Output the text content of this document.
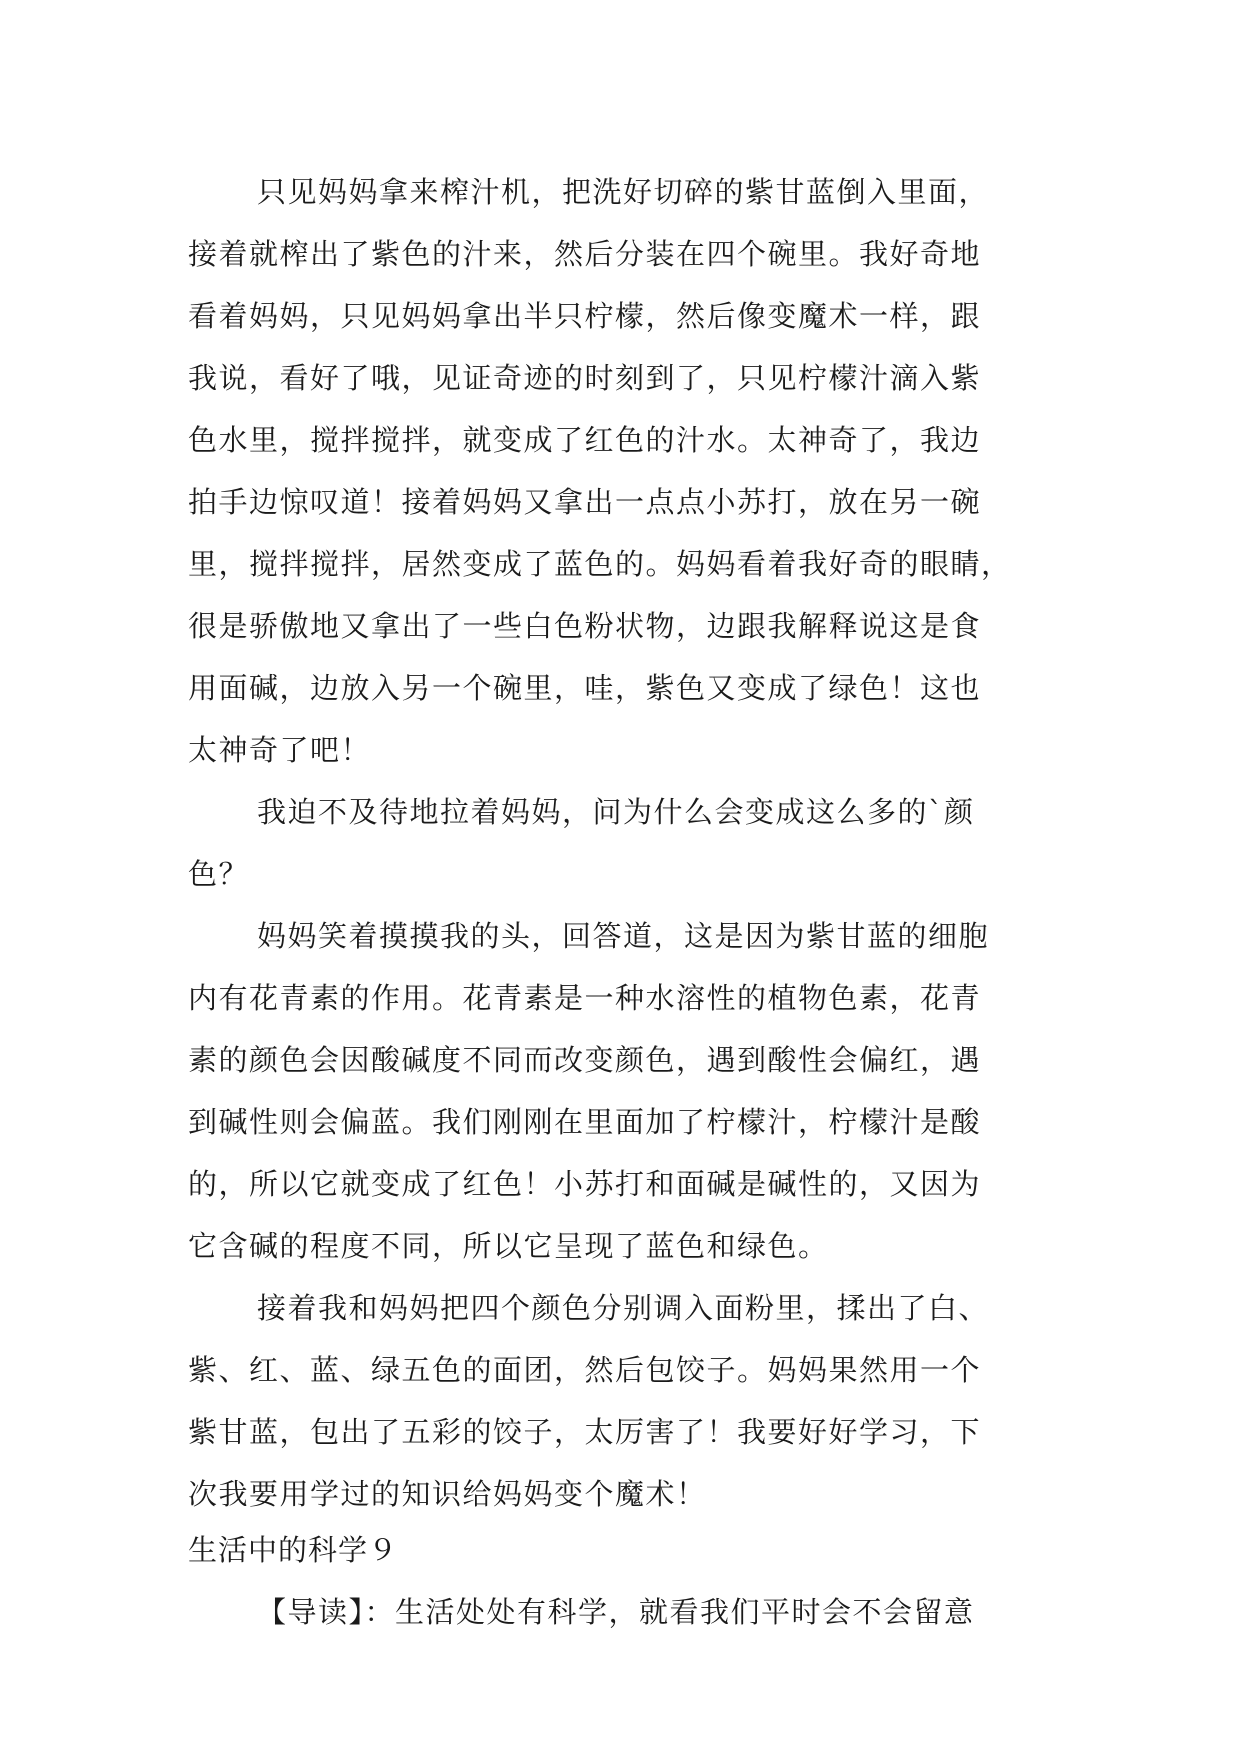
只见妈妈拿来榨汁机，把洗好切碎的紫甘蓝倒入里面，
接着就榨出了紫色的汁来，然后分装在四个碗里。我好奇地
看着妈妈，只见妈妈拿出半只柠檬，然后像变魔术一样，跟
我说，看好了哦，见证奇迹的时刻到了，只见柠檬汁滴入紫
色水里，搅拌搅拌，就变成了红色的汁水。太神奇了，我边
拍手边惊叹道！接着妈妈又拿出一点点小苏打，放在另一碗
里，搅拌搅拌，居然变成了蓝色的。妈妈看着我好奇的眼睛，
很是骄傲地又拿出了一些白色粉状物，边跟我解释说这是食
用面碱，边放入另一个碗里，哇，紫色又变成了绿色！这也
太神奇了吧！
我迫不及待地拉着妈妈，问为什么会变成这么多的`颜
色？
妈妈笑着摸摸我的头，回答道，这是因为紫甘蓝的细胞
内有花青素的作用。花青素是一种水溶性的植物色素，花青
素的颜色会因酸碱度不同而改变颜色，遇到酸性会偏红，遇
到碱性则会偏蓝。我们刚刚在里面加了柠檬汁，柠檬汁是酸
的，所以它就变成了红色！小苏打和面碱是碱性的，又因为
它含碱的程度不同，所以它呈现了蓝色和绿色。
接着我和妈妈把四个颜色分别调入面粉里，揉出了白、
紫、红、蓝、绿五色的面团，然后包饺子。妈妈果然用一个
紫甘蓝，包出了五彩的饺子，太厉害了！我要好好学习，下
次我要用学过的知识给妈妈变个魔术！
生活中的科学９
【导读】：生活处处有科学，就看我们平时会不会留意
